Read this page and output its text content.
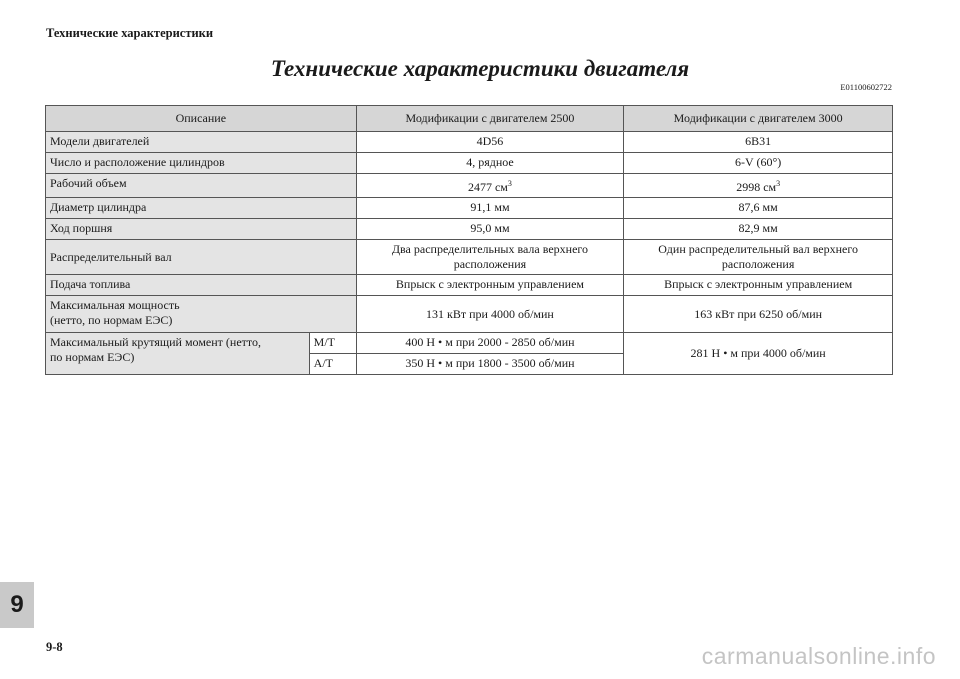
Технические характеристики
Технические характеристики двигателя
E01100602722
Описание		Модификации с двигателем 2500	Модификации с двигателем 3000
Модели двигателей		4D56	6B31
Число и расположение цилиндров		4, рядное	6-V (60°)
Рабочий объем		2477 $см^3$	2998 $см^3$
Диаметр цилиндра		91,1 мм	87,6 мм
Ход поршня		95,0 мм	82,9 мм
Распределительный вал		Два распределительных вала верхнего расположения	Один распределительный вал верхнего расположения
Подача топлива		Впрыск с электронным управлением	Впрыск с электронным управлением
Максимальная мощность
(нетто, по нормам ЕЭС)		131 кВт при 4000 об/мин	163 кВт при 6250 об/мин
Максимальный крутящий момент (нетто,
по нормам ЕЭС)	М/Т	400 Н • м при 2000 - 2850 об/мин	281 Н • м при 4000 об/мин
	А/Т	350 Н • м при 1800 - 3500 об/мин	
9
9-8	carmanualsonline.info
